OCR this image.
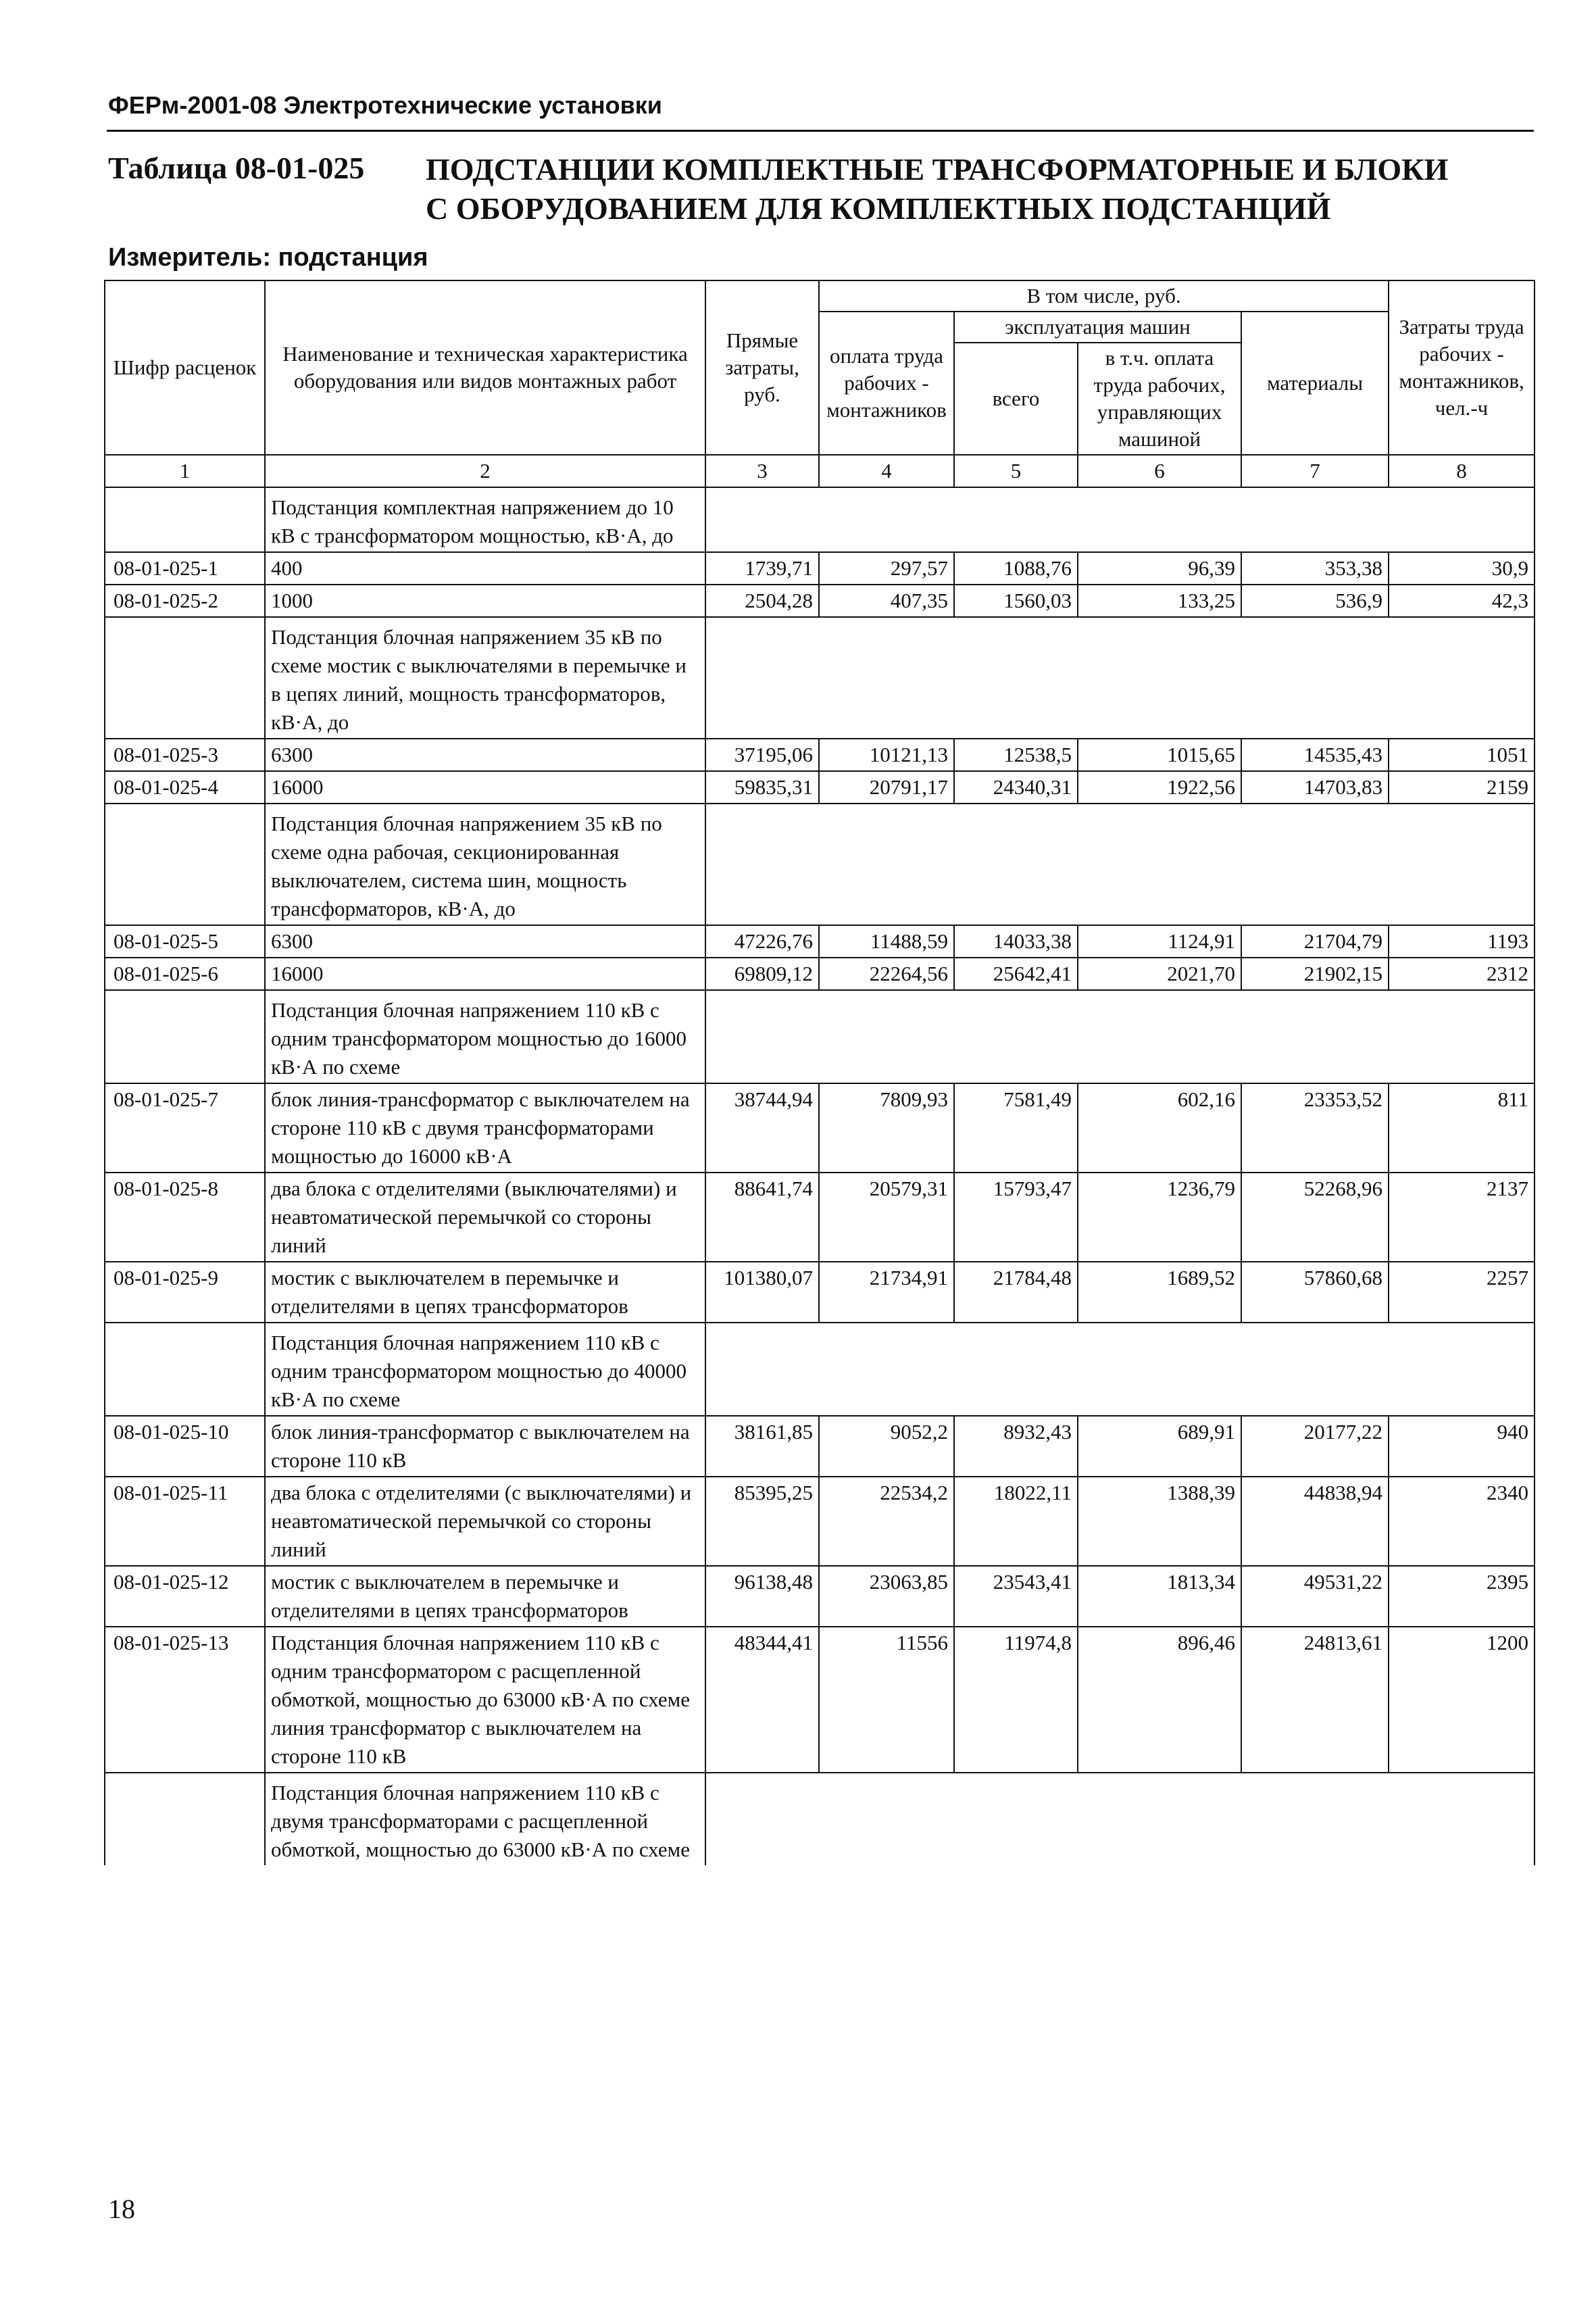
ФЕРм-2001-08 Электротехнические установки
Таблица 08-01-025 ПОДСТАНЦИИ КОМПЛЕКТНЫЕ ТРАНСФОРМАТОРНЫЕ И БЛОКИ
С ОБОРУДОВАНИЕМ ДЛЯ КОМПЛЕКТНЫХ ПОДСТАНЦИЙ
Измеритель: подстанция
Шифр расценок	Наименование и техническая характеристика оборудования или видов монтажных работ	Прямые затраты, руб.	В том числе, руб.				Затраты труда рабочих - монтажников, чел.-ч
			оплата труда рабочих - монтажников	эксплуатация машин		материалы	
				всего	в т.ч. оплата труда рабочих, управляющих машиной		
1	2	3	4	5	6	7	8
	Подстанция комплектная напряжением до 10 кВ с трансформатором мощностью, кВ·А, до						
08-01-025-1	400	1739,71	297,57	1088,76	96,39	353,38	30,9
08-01-025-2	1000	2504,28	407,35	1560,03	133,25	536,9	42,3
	Подстанция блочная напряжением 35 кВ по схеме мостик с выключателями в перемычке и в цепях линий, мощность трансформаторов, кВ·А, до						
08-01-025-3	6300	37195,06	10121,13	12538,5	1015,65	14535,43	1051
08-01-025-4	16000	59835,31	20791,17	24340,31	1922,56	14703,83	2159
	Подстанция блочная напряжением 35 кВ по схеме одна рабочая, секционированная выключателем, система шин, мощность трансформаторов, кВ·А, до						
08-01-025-5	6300	47226,76	11488,59	14033,38	1124,91	21704,79	1193
08-01-025-6	16000	69809,12	22264,56	25642,41	2021,70	21902,15	2312
	Подстанция блочная напряжением 110 кВ с одним трансформатором мощностью до 16000 кВ·А по схеме						
08-01-025-7	блок линия-трансформатор с выключателем на стороне 110 кВ с двумя трансформаторами мощностью до 16000 кВ·А	38744,94	7809,93	7581,49	602,16	23353,52	811
08-01-025-8	два блока с отделителями (выключателями) и неавтоматической перемычкой со стороны линий	88641,74	20579,31	15793,47	1236,79	52268,96	2137
08-01-025-9	мостик с выключателем в перемычке и отделителями в цепях трансформаторов	101380,07	21734,91	21784,48	1689,52	57860,68	2257
	Подстанция блочная напряжением 110 кВ с одним трансформатором мощностью до 40000 кВ·А по схеме						
08-01-025-10	блок линия-трансформатор с выключателем на стороне 110 кВ	38161,85	9052,2	8932,43	689,91	20177,22	940
08-01-025-11	два блока с отделителями (с выключателями) и неавтоматической перемычкой со стороны линий	85395,25	22534,2	18022,11	1388,39	44838,94	2340
08-01-025-12	мостик с выключателем в перемычке и отделителями в цепях трансформаторов	96138,48	23063,85	23543,41	1813,34	49531,22	2395
08-01-025-13	Подстанция блочная напряжением 110 кВ с одним трансформатором с расщепленной обмоткой, мощностью до 63000 кВ·А по схеме линия трансформатор с выключателем на стороне 110 кВ	48344,41	11556	11974,8	896,46	24813,61	1200
	Подстанция блочная напряжением 110 кВ с двумя трансформаторами с расщепленной обмоткой, мощностью до 63000 кВ·А по схеме						
18
